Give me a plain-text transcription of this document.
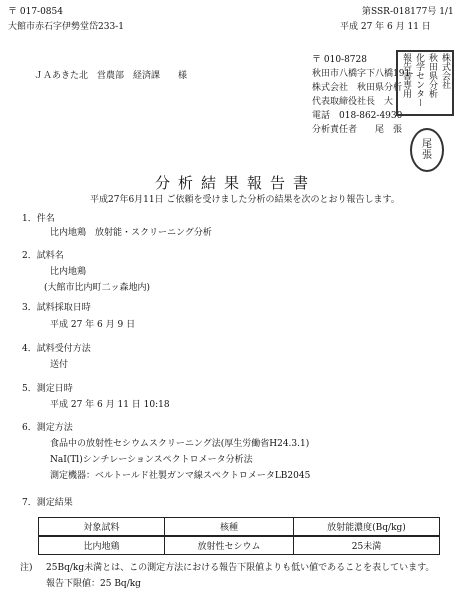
〒 017-0854
大館市赤石字伊勢堂岱233-1
ＪＡあきた北　営農部　経済課　　様
第SSR-018177号 1/1
平成 27 年 6 月 11 日
〒 010-8728
秋田市八橋字下八橋191-
株式会社　秋田県分析
代表取締役社長　大
電話　018-862-4930
分析責任者　　尾　張　　
株式会社
秋田県分析
化学センター
報告書専用
尾
張
分析結果報告書
平成27年6月11日 ご依頼を受けました分析の結果を次のとおり報告します。
1．件名
比内地鶏　放射能・スクリーニング分析
2．試料名
比内地鶏
(大館市比内町二ッ森地内)
3．試料採取日時
平成 27 年 6 月 9 日
4．試料受付方法
送付
5．測定日時
平成 27 年 6 月 11 日 10:18
6．測定方法
食品中の放射性セシウムスクリーニング法(厚生労働省H24.3.1)
NaI(Tl)シンチレーションスペクトロメータ分析法
測定機器：ベルトールド社製ガンマ線スペクトロメータLB2045
7．測定結果
対象試料	核種	放射能濃度(Bq/kg)
比内地鶏	放射性セシウム	25未満
注) 25Bq/kg未満とは、この測定方法における報告下限値よりも低い値であることを表しています。
報告下限値：25 Bq/kg
